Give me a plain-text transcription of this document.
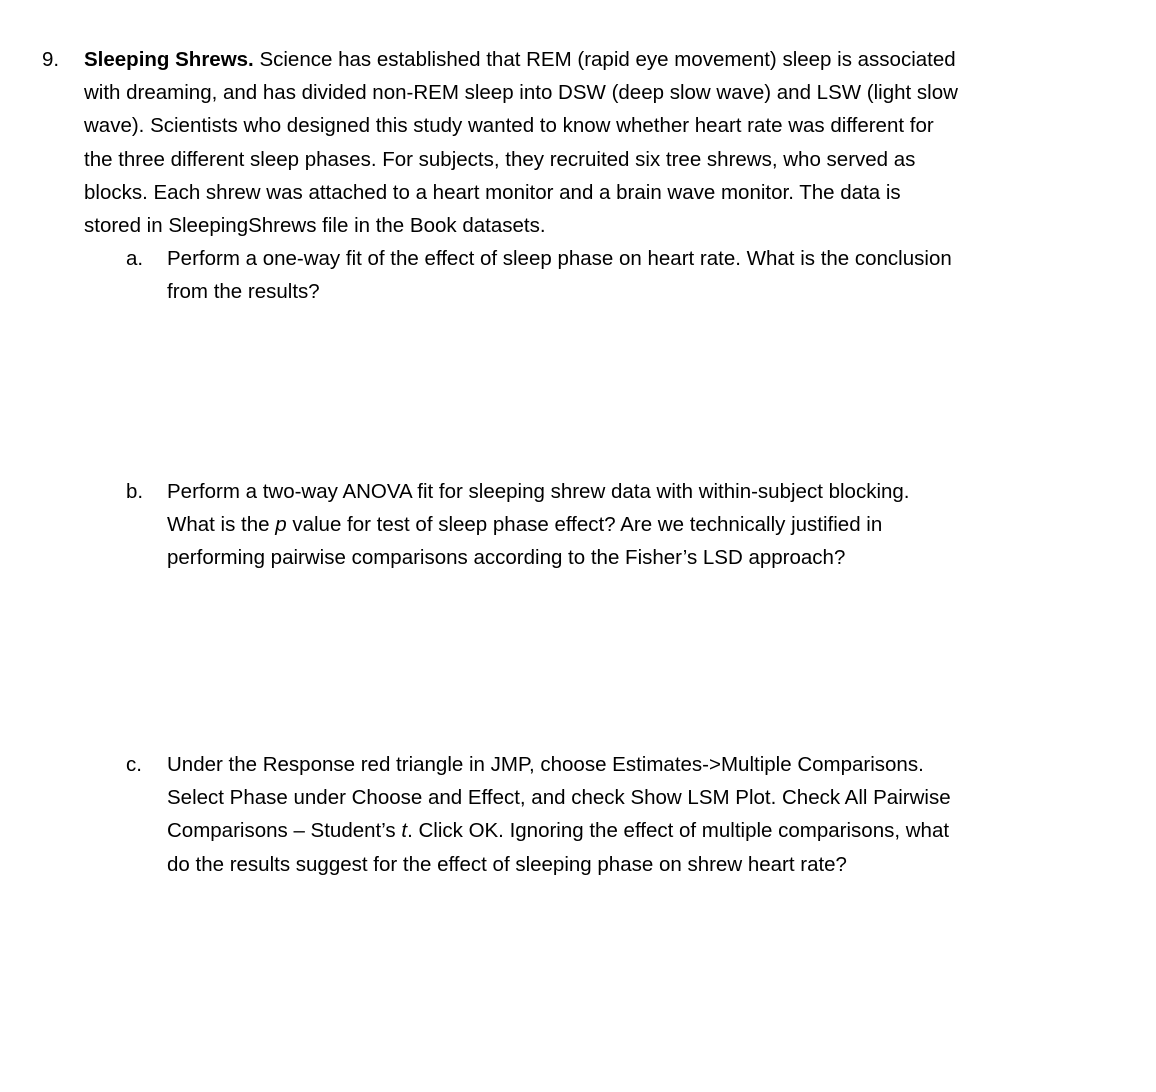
9. Sleeping Shrews. Science has established that REM (rapid eye movement) sleep is associated
with dreaming, and has divided non-REM sleep into DSW (deep slow wave) and LSW (light slow
wave). Scientists who designed this study wanted to know whether heart rate was different for
the three different sleep phases. For subjects, they recruited six tree shrews, who served as
blocks. Each shrew was attached to a heart monitor and a brain wave monitor. The data is
stored in SleepingShrews file in the Book datasets.
a. Perform a one-way fit of the effect of sleep phase on heart rate. What is the conclusion
from the results?
b. Perform a two-way ANOVA fit for sleeping shrew data with within-subject blocking.
What is the p value for test of sleep phase effect? Are we technically justified in
performing pairwise comparisons according to the Fisher’s LSD approach?
c. Under the Response red triangle in JMP, choose Estimates->Multiple Comparisons.
Select Phase under Choose and Effect, and check Show LSM Plot. Check All Pairwise
Comparisons – Student’s t. Click OK. Ignoring the effect of multiple comparisons, what
do the results suggest for the effect of sleeping phase on shrew heart rate?
